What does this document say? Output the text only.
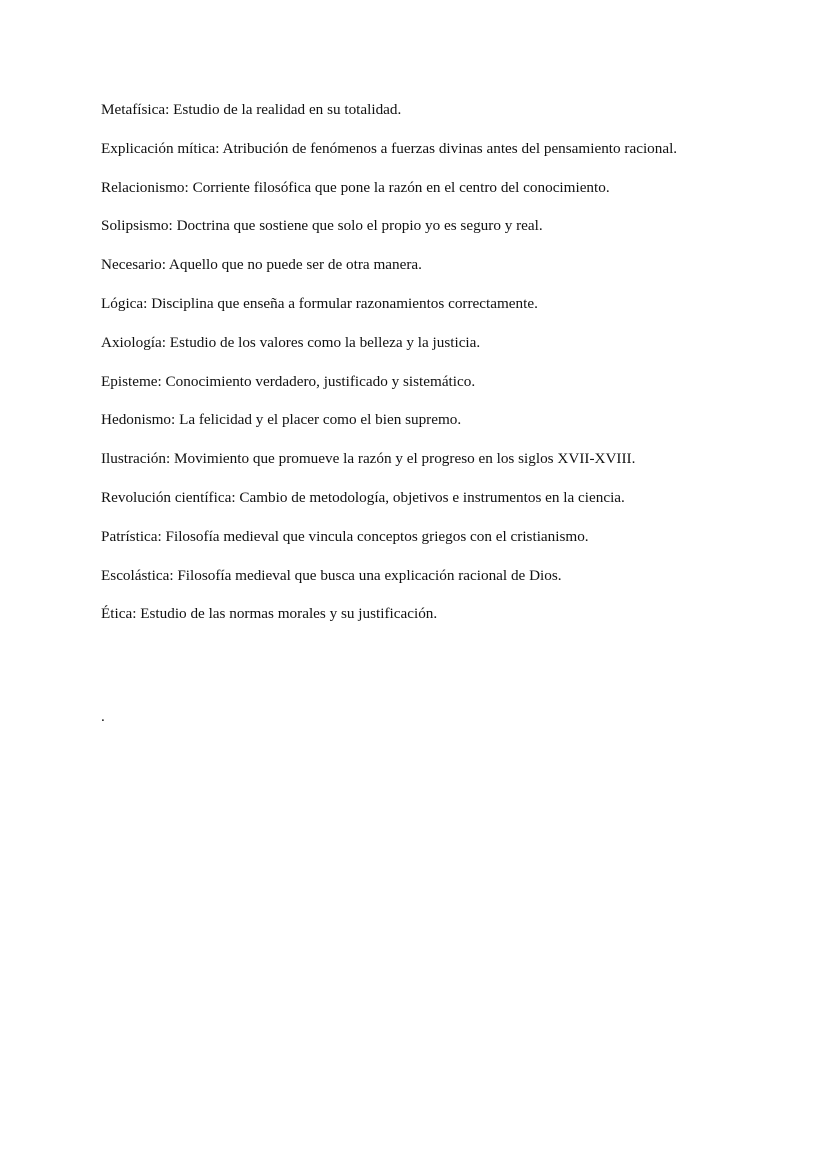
Metafísica: Estudio de la realidad en su totalidad.
Explicación mítica: Atribución de fenómenos a fuerzas divinas antes del pensamiento racional.
Relacionismo: Corriente filosófica que pone la razón en el centro del conocimiento.
Solipsismo: Doctrina que sostiene que solo el propio yo es seguro y real.
Necesario: Aquello que no puede ser de otra manera.
Lógica: Disciplina que enseña a formular razonamientos correctamente.
Axiología: Estudio de los valores como la belleza y la justicia.
Episteme: Conocimiento verdadero, justificado y sistemático.
Hedonismo: La felicidad y el placer como el bien supremo.
Ilustración: Movimiento que promueve la razón y el progreso en los siglos XVII-XVIII.
Revolución científica: Cambio de metodología, objetivos e instrumentos en la ciencia.
Patrística: Filosofía medieval que vincula conceptos griegos con el cristianismo.
Escolástica: Filosofía medieval que busca una explicación racional de Dios.
Ética: Estudio de las normas morales y su justificación.

.
